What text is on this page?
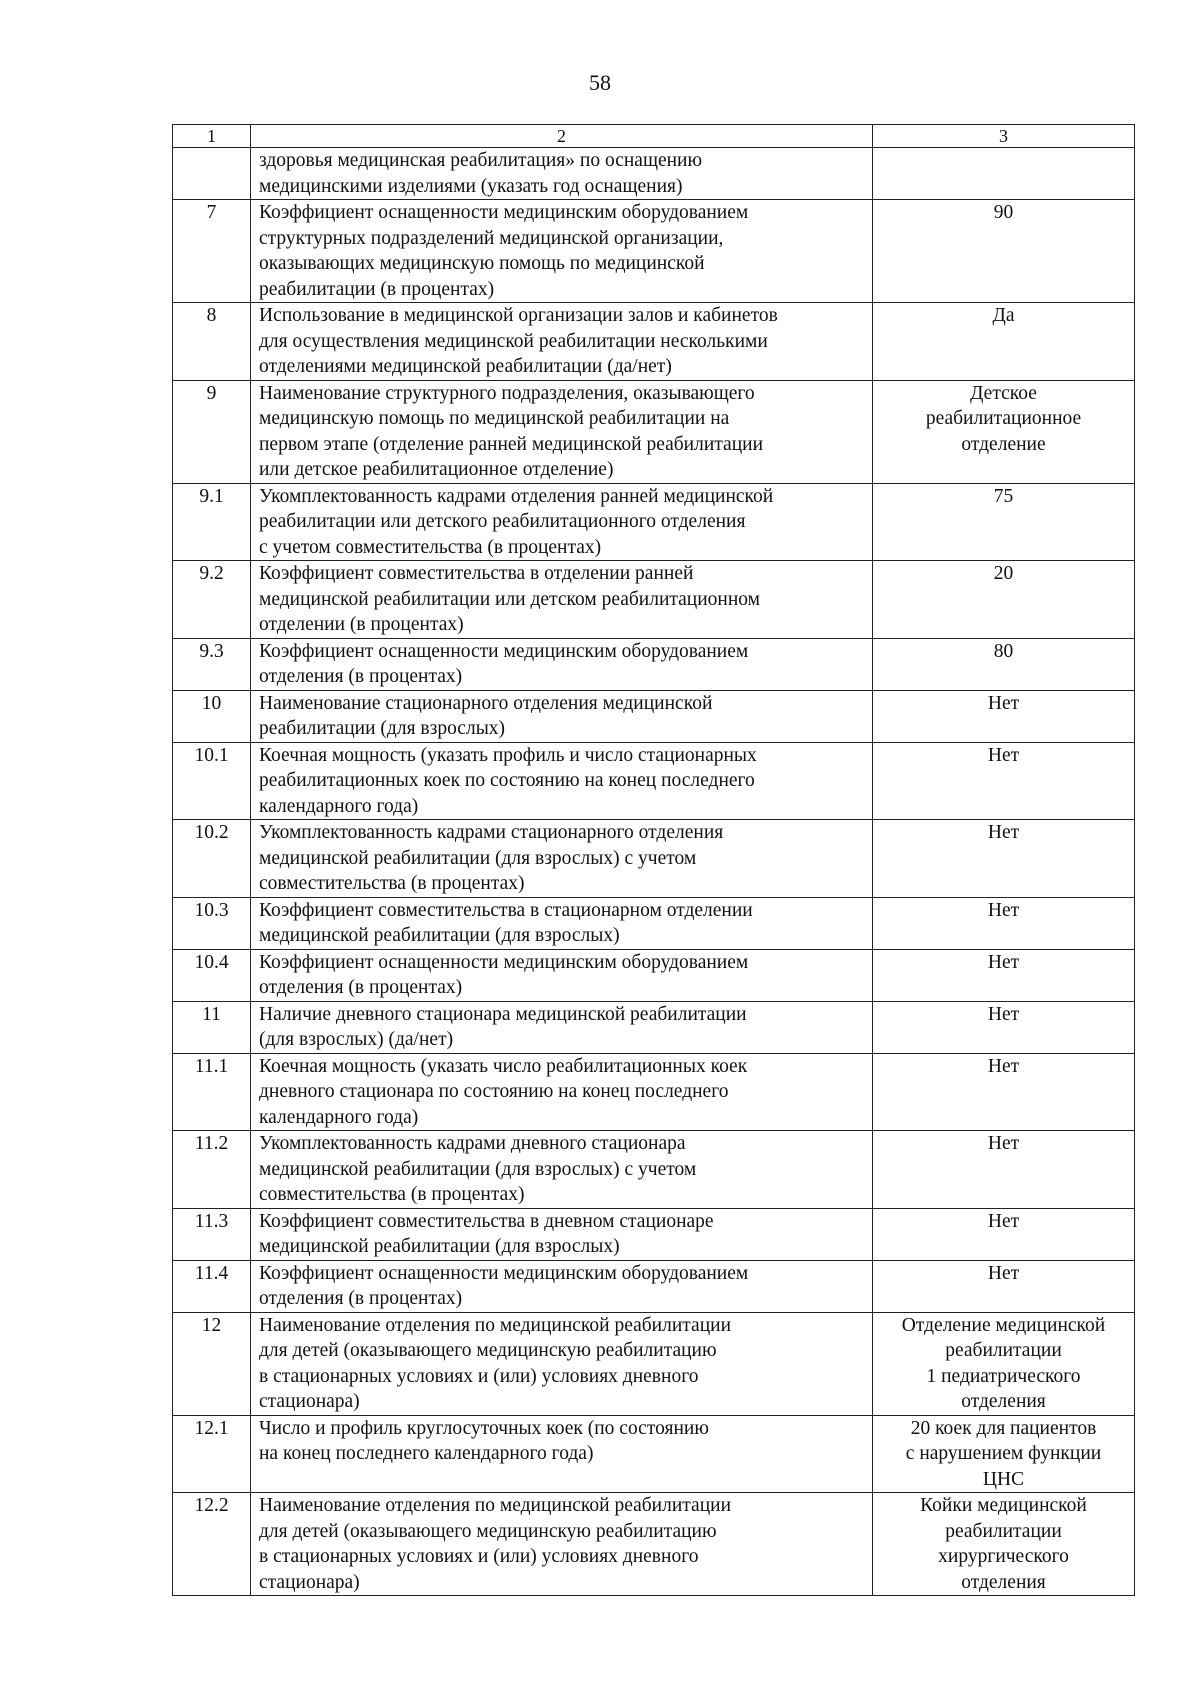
58
1	2	3

	здоровья медицинская реабилитация» по оснащению
медицинскими изделиями (указать год оснащения)	

7	Коэффициент оснащенности медицинским оборудованием
структурных подразделений медицинской организации,
оказывающих медицинскую помощь по медицинской
реабилитации (в процентах)	90

8	Использование в медицинской организации залов и кабинетов
для осуществления медицинской реабилитации несколькими
отделениями медицинской реабилитации (да/нет)	Да

9	Наименование структурного подразделения, оказывающего
медицинскую помощь по медицинской реабилитации на
первом этапе (отделение ранней медицинской реабилитации
или детское реабилитационное отделение)	Детское
реабилитационное
отделение

9.1	Укомплектованность кадрами отделения ранней медицинской
реабилитации или детского реабилитационного отделения
с учетом совместительства (в процентах)	75

9.2	Коэффициент совместительства в отделении ранней
медицинской реабилитации или детском реабилитационном
отделении (в процентах)	20

9.3	Коэффициент оснащенности медицинским оборудованием
отделения (в процентах)	80

10	Наименование стационарного отделения медицинской
реабилитации (для взрослых)	Нет

10.1	Коечная мощность (указать профиль и число стационарных
реабилитационных коек по состоянию на конец последнего
календарного года)	Нет

10.2	Укомплектованность кадрами стационарного отделения
медицинской реабилитации (для взрослых) с учетом
совместительства (в процентах)	Нет

10.3	Коэффициент совместительства в стационарном отделении
медицинской реабилитации (для взрослых)	Нет

10.4	Коэффициент оснащенности медицинским оборудованием
отделения (в процентах)	Нет

11	Наличие дневного стационара медицинской реабилитации
(для взрослых) (да/нет)	Нет

11.1	Коечная мощность (указать число реабилитационных коек
дневного стационара по состоянию на конец последнего
календарного года)	Нет

11.2	Укомплектованность кадрами дневного стационара
медицинской реабилитации (для взрослых) с учетом
совместительства (в процентах)	Нет

11.3	Коэффициент совместительства в дневном стационаре
медицинской реабилитации (для взрослых)	Нет

11.4	Коэффициент оснащенности медицинским оборудованием
отделения (в процентах)	Нет

12	Наименование отделения по медицинской реабилитации
для детей (оказывающего медицинскую реабилитацию
в стационарных условиях и (или) условиях дневного
стационара)	Отделение медицинской
реабилитации
1 педиатрического
отделения

12.1	Число и профиль круглосуточных коек (по состоянию
на конец последнего календарного года)	20 коек для пациентов
с нарушением функции
ЦНС

12.2	Наименование отделения по медицинской реабилитации
для детей (оказывающего медицинскую реабилитацию
в стационарных условиях и (или) условиях дневного
стационара)	Койки медицинской
реабилитации
хирургического
отделения
